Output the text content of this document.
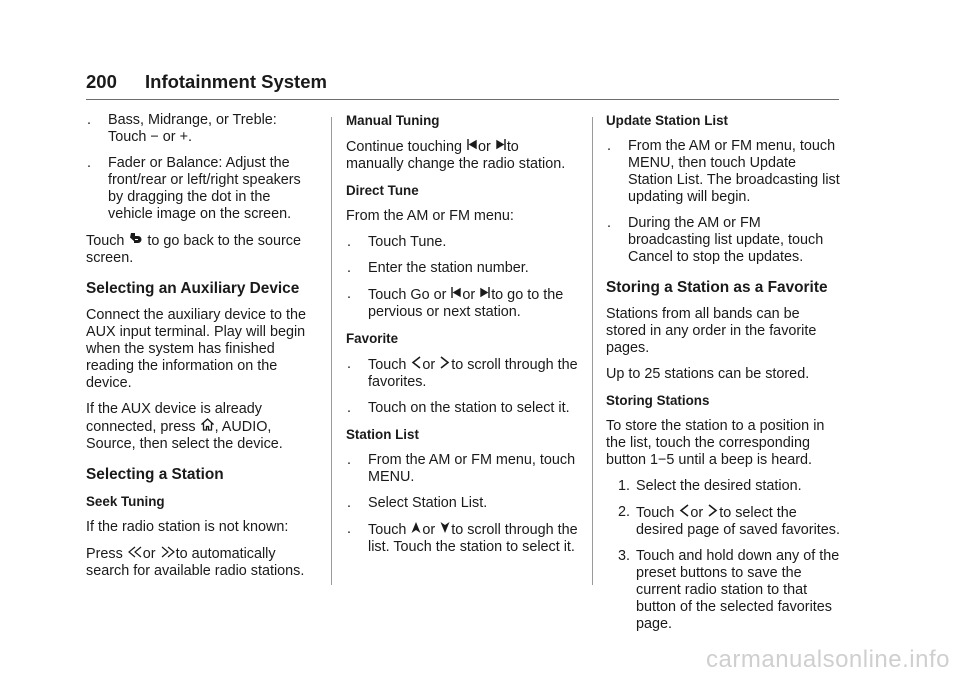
200 Infotainment System
. Bass, Midrange, or Treble: Touch − or +.
. Fader or Balance: Adjust the front/rear or left/right speakers by dragging the dot in the vehicle image on the screen.

Touch to go back to the source screen.

Selecting an Auxiliary Device

Connect the auxiliary device to the AUX input terminal. Play will begin when the system has finished reading the information on the device.

If the AUX device is already connected, press , AUDIO, Source, then select the device.

Selecting a Station
Seek Tuning

If the radio station is not known:

Press or to automatically search for available radio stations.

Manual Tuning

Continue touching or to manually change the radio station.

Direct Tune

From the AM or FM menu:

. Touch Tune.
. Enter the station number.
. Touch Go or or to go to the pervious or next station.
Favorite
. Touch or to scroll through the favorites.
. Touch on the station to select it.
Station List
. From the AM or FM menu, touch MENU.
. Select Station List.
. Touch or to scroll through the list. Touch the station to select it.
Update Station List
. From the AM or FM menu, touch MENU, then touch Update Station List. The broadcasting list updating will begin.
. During the AM or FM broadcasting list update, touch Cancel to stop the updates.
Storing a Station as a Favorite

Stations from all bands can be stored in any order in the favorite pages.

Up to 25 stations can be stored.

Storing Stations

To store the station to a position in the list, touch the corresponding button 1−5 until a beep is heard.

1. Select the desired station.
2. Touch or to select the desired page of saved favorites.
3. Touch and hold down any of the preset buttons to save the current radio station to that button of the selected favorites page.
carmanualsonline.info
